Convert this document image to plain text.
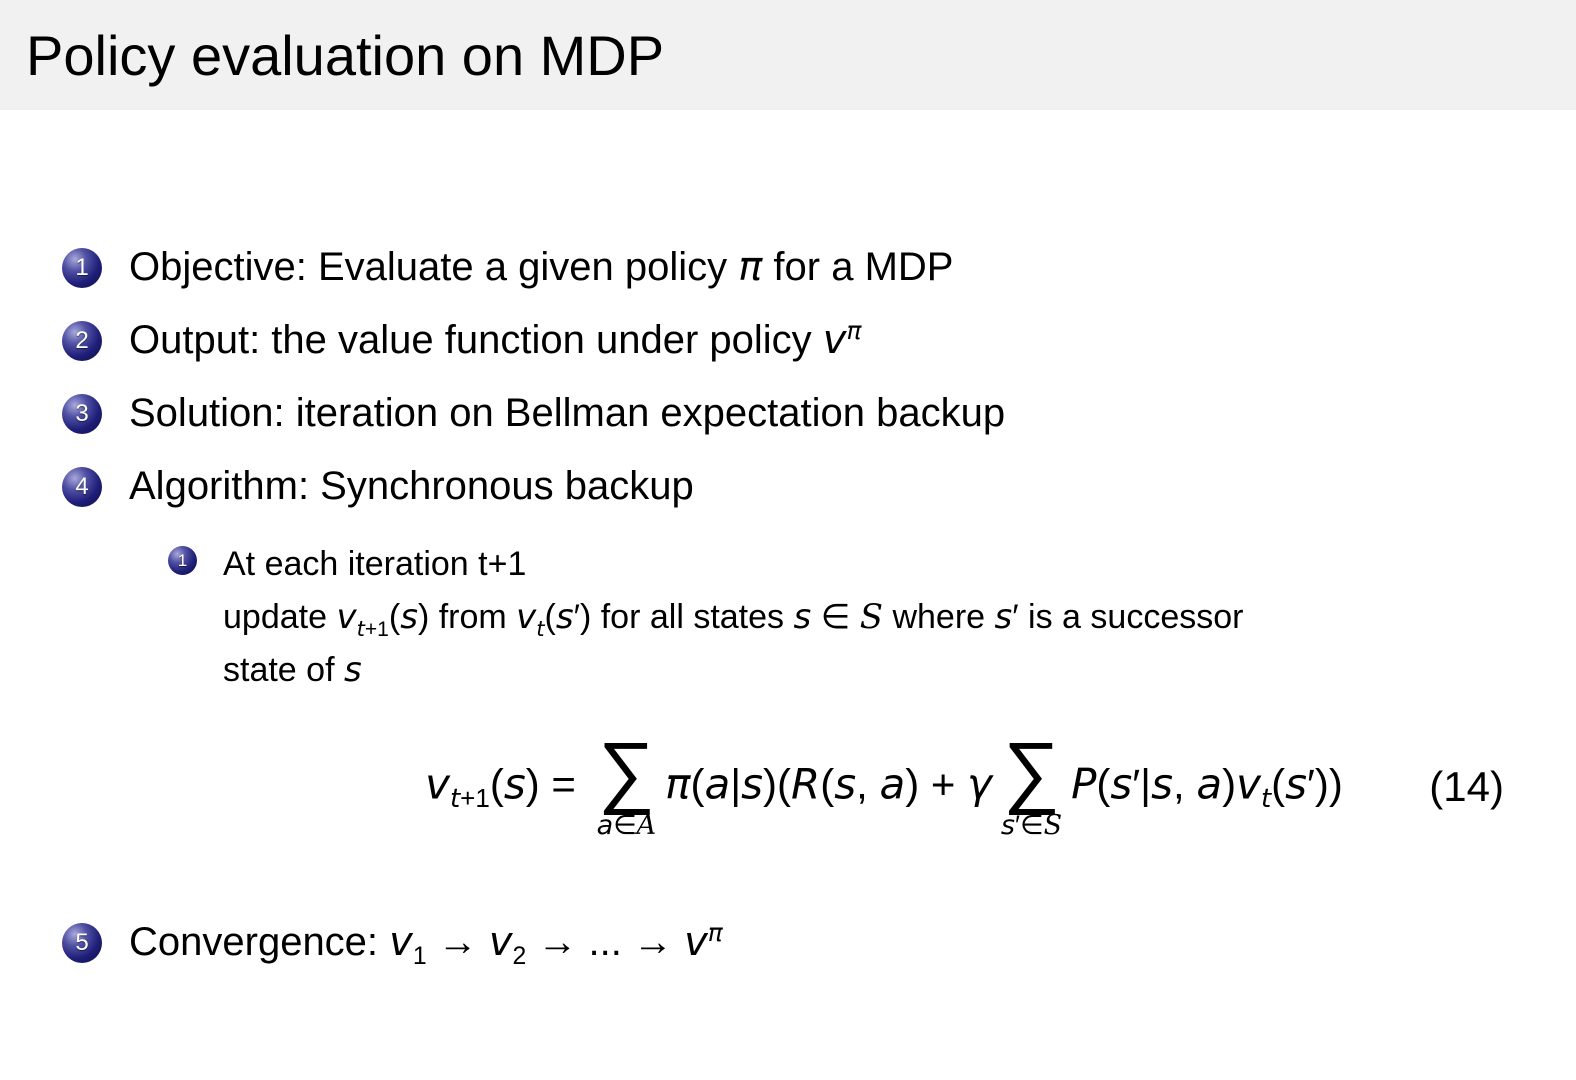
Policy evaluation on MDP
1	Objective: Evaluate a given policy π for a MDP
2	Output: the value function under policy $v^\pi$
3	Solution: iteration on Bellman expectation backup
4	Algorithm: Synchronous backup
1 At each iteration t+1
update $v_{t+1}(s)$ from $v_t(s')$ for all states s ∈ S where s′ is a successor
state of s
$v_{t+1}(s)$ = ∑
a∈A
π(a|s)(R(s, a) + γ ∑
s′∈S
P(s′|s, $a)v_t(s')$) (14)
5	Convergence: $v_1 \to v_2$ → ... → $v^\pi$
